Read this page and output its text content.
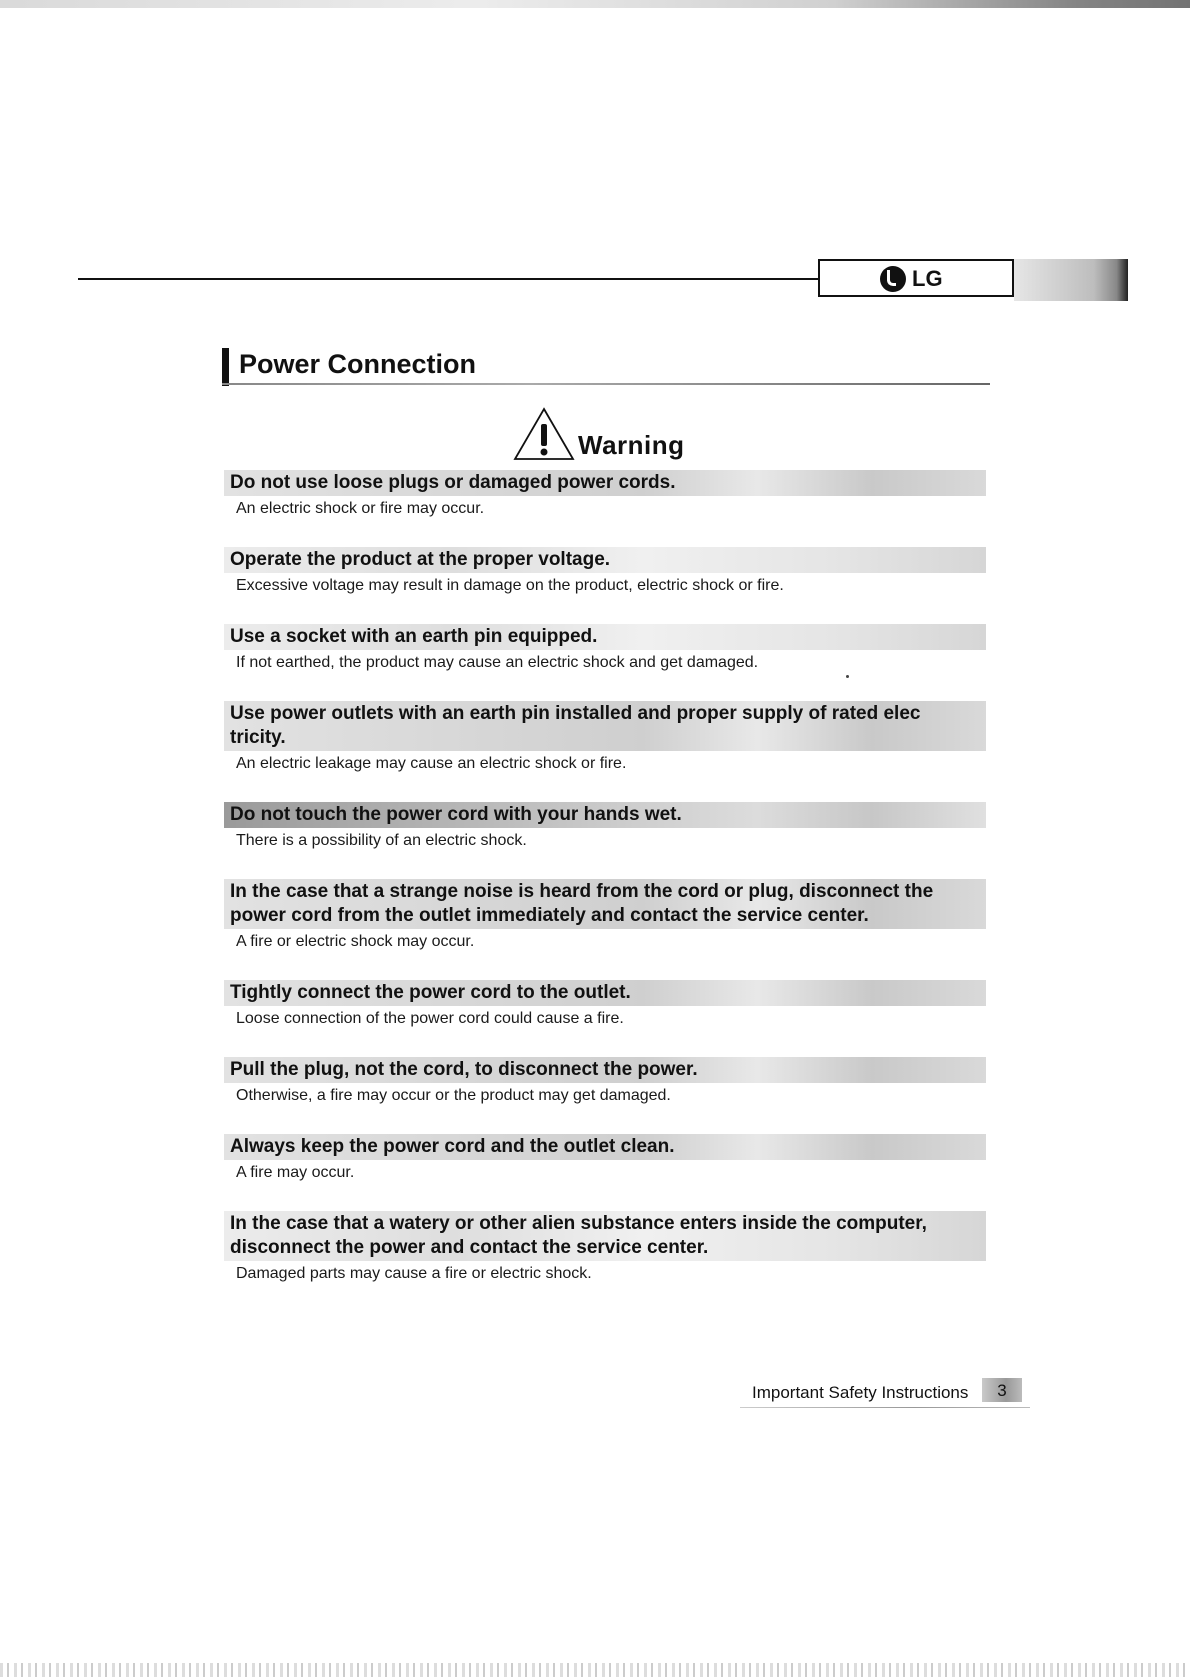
LG
Power Connection
Warning
Do not use loose plugs or damaged power cords.
An electric shock or fire may occur.
Operate the product at the proper voltage.
Excessive voltage may result in damage on the product, electric shock or fire.
Use a socket with an earth pin equipped.
If not earthed, the product may cause an electric shock and get damaged.
Use power outlets with an earth pin installed and proper supply of rated elec tricity.
An electric leakage may cause an electric shock or fire.
Do not touch the power cord with your hands wet.
There is a possibility of an electric shock.
In the case that a strange noise is heard from the cord or plug, disconnect the power cord from the outlet immediately and contact the service center.
A fire or electric shock may occur.
Tightly connect the power cord to the outlet.
Loose connection of the power cord could cause a fire.
Pull the plug, not the cord, to disconnect the power.
Otherwise, a fire may occur or the product may get damaged.
Always keep the power cord and the outlet clean.
A fire may occur.
In the case that a watery or other alien substance enters inside the computer, disconnect the power and contact the service center.
Damaged parts may cause a fire or electric shock.
Important Safety Instructions	3
